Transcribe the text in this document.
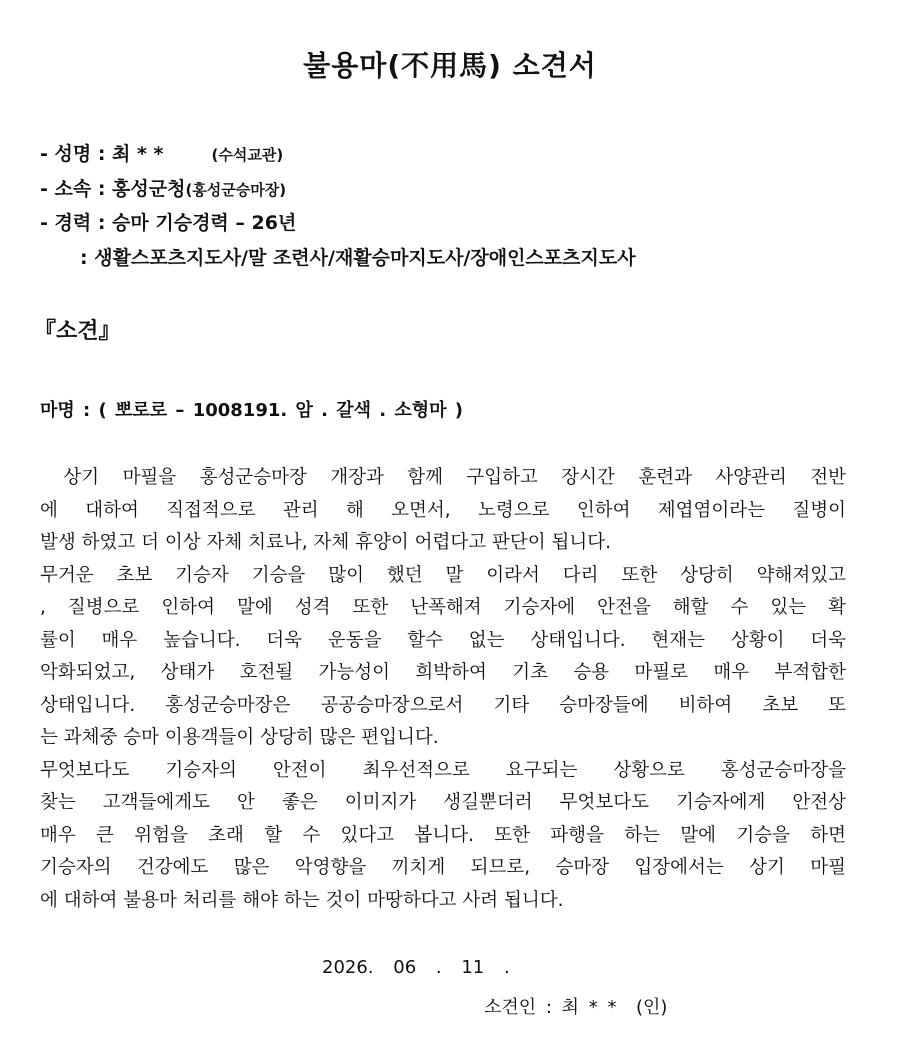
불용마(不用馬) 소견서
- 성명 : 최 * *	(수석교관)
- 소속 : 홍성군청(홍성군승마장)
- 경력 : 승마 기승경력 – 26년
: 생활스포츠지도사/말 조련사/재활승마지도사/장애인스포츠지도사
『소견』
마명 : ( 뽀로로 – 1008191. 암 . 갈색 . 소형마 )
상기 마필을 홍성군승마장 개장과 함께 구입하고 장시간 훈련과 사양관리 전반
에 대하여 직접적으로 관리 해 오면서, 노령으로 인하여 제엽염이라는 질병이
발생 하였고 더 이상 자체 치료나, 자체 휴양이 어렵다고 판단이 됩니다.
무거운 초보 기승자 기승을 많이 했던 말 이라서 다리 또한 상당히 약해져있고
, 질병으로 인하여 말에 성격 또한 난폭해져 기승자에 안전을 해할 수 있는 확
률이 매우 높습니다. 더욱 운동을 할수 없는 상태입니다. 현재는 상황이 더욱
악화되었고, 상태가 호전될 가능성이 희박하여 기초 승용 마필로 매우 부적합한
상태입니다. 홍성군승마장은 공공승마장으로서 기타 승마장들에 비하여 초보 또
는 과체중 승마 이용객들이 상당히 많은 편입니다.
무엇보다도 기승자의 안전이 최우선적으로 요구되는 상황으로 홍성군승마장을
찾는 고객들에게도 안 좋은 이미지가 생길뿐더러 무엇보다도 기승자에게 안전상
매우 큰 위험을 초래 할 수 있다고 봅니다. 또한 파행을 하는 말에 기승을 하면
기승자의 건강에도 많은 악영향을 끼치게 되므로, 승마장 입장에서는 상기 마필
에 대하여 불용마 처리를 해야 하는 것이 마땅하다고 사려 됩니다.
2026. 06 . 11 .
소견인 : 최 * *  (인)
